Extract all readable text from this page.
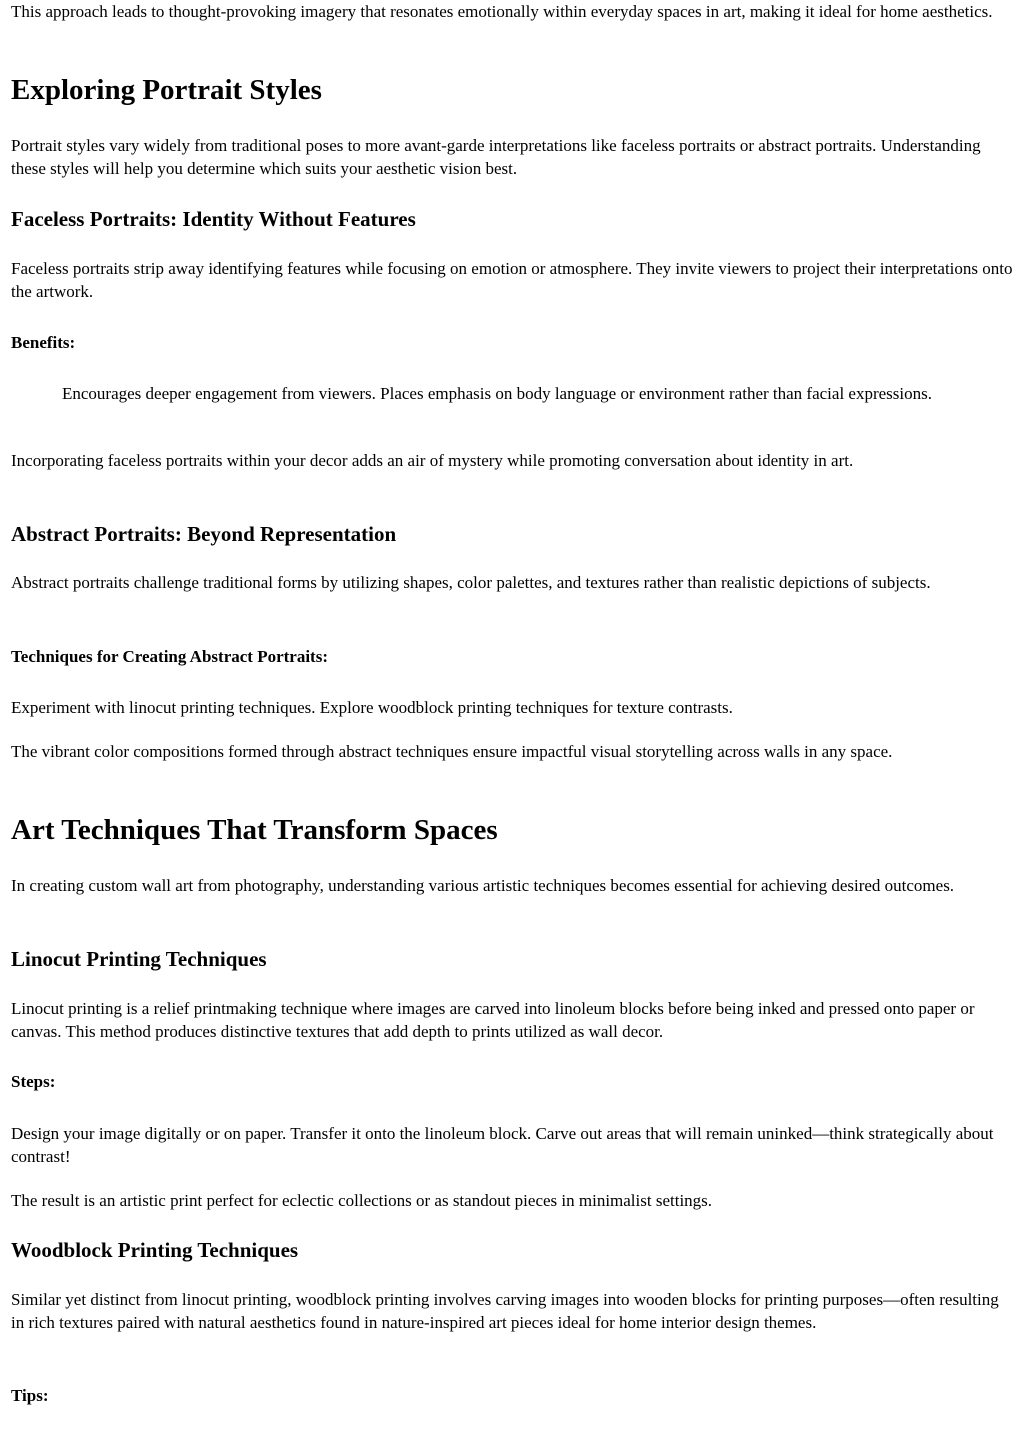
This approach leads to thought-provoking imagery that resonates emotionally within everyday spaces in art, making it ideal for home aesthetics.

Exploring Portrait Styles

Portrait styles vary widely from traditional poses to more avant-garde interpretations like faceless portraits or abstract portraits. Understanding these styles will help you determine which suits your aesthetic vision best.

Faceless Portraits: Identity Without Features

Faceless portraits strip away identifying features while focusing on emotion or atmosphere. They invite viewers to project their interpretations onto the artwork.

Benefits:

Encourages deeper engagement from viewers. Places emphasis on body language or environment rather than facial expressions.

Incorporating faceless portraits within your decor adds an air of mystery while promoting conversation about identity in art.

Abstract Portraits: Beyond Representation

Abstract portraits challenge traditional forms by utilizing shapes, color palettes, and textures rather than realistic depictions of subjects.

Techniques for Creating Abstract Portraits:

Experiment with linocut printing techniques. Explore woodblock printing techniques for texture contrasts.

The vibrant color compositions formed through abstract techniques ensure impactful visual storytelling across walls in any space.

Art Techniques That Transform Spaces

In creating custom wall art from photography, understanding various artistic techniques becomes essential for achieving desired outcomes.

Linocut Printing Techniques

Linocut printing is a relief printmaking technique where images are carved into linoleum blocks before being inked and pressed onto paper or canvas. This method produces distinctive textures that add depth to prints utilized as wall decor.

Steps:

Design your image digitally or on paper. Transfer it onto the linoleum block. Carve out areas that will remain uninked—think strategically about contrast!

The result is an artistic print perfect for eclectic collections or as standout pieces in minimalist settings.

Woodblock Printing Techniques

Similar yet distinct from linocut printing, woodblock printing involves carving images into wooden blocks for printing purposes—often resulting in rich textures paired with natural aesthetics found in nature-inspired art pieces ideal for home interior design themes.

Tips:
